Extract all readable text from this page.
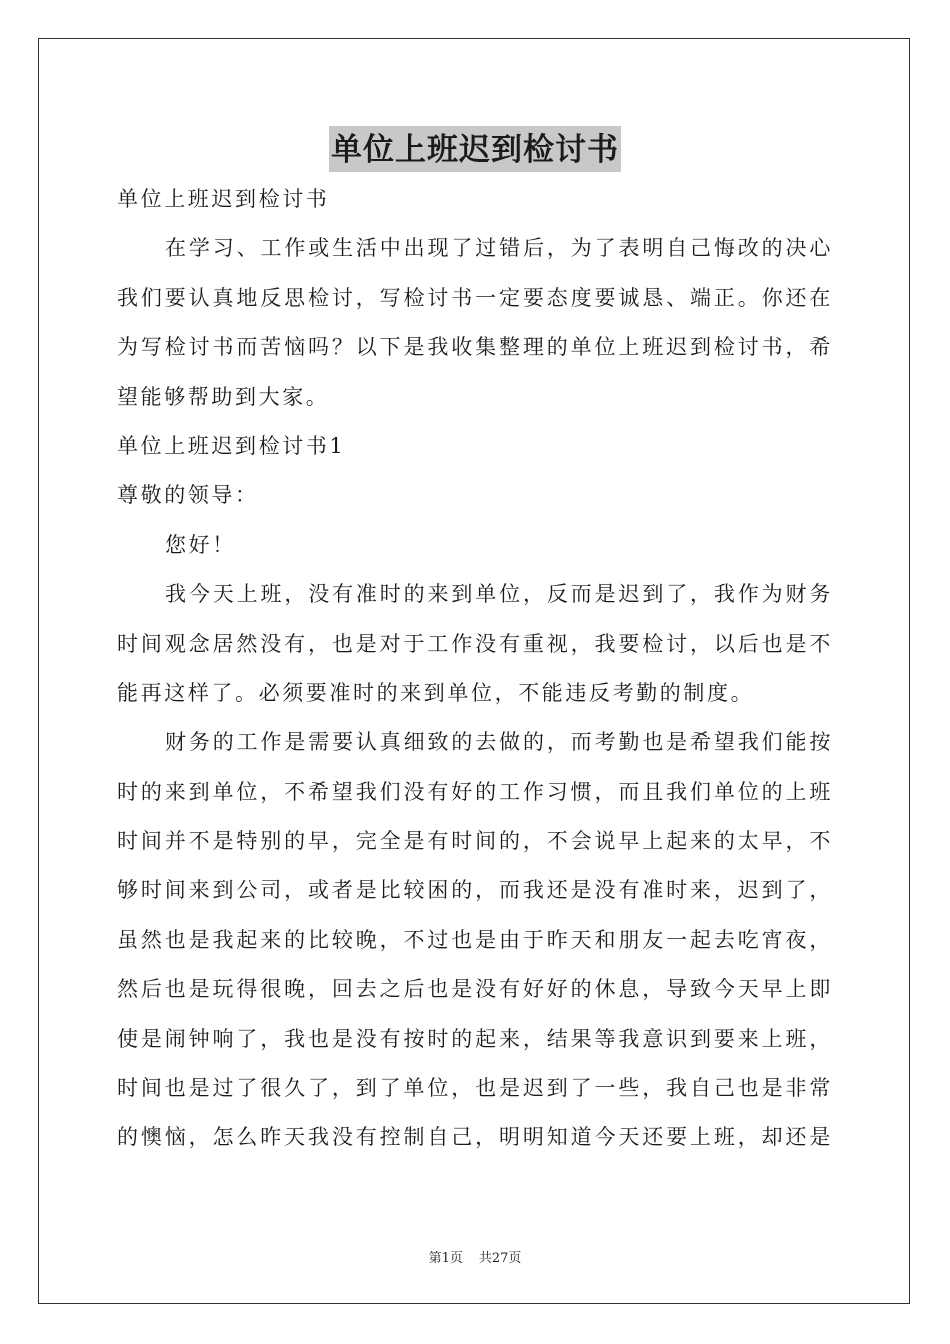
单位上班迟到检讨书
单位上班迟到检讨书
在学习、工作或生活中出现了过错后，为了表明自己悔改的决心
我们要认真地反思检讨，写检讨书一定要态度要诚恳、端正。你还在
为写检讨书而苦恼吗？以下是我收集整理的单位上班迟到检讨书，希
望能够帮助到大家。
单位上班迟到检讨书1
尊敬的领导：
您好！
我今天上班，没有准时的来到单位，反而是迟到了，我作为财务
时间观念居然没有，也是对于工作没有重视，我要检讨，以后也是不
能再这样了。必须要准时的来到单位，不能违反考勤的制度。
财务的工作是需要认真细致的去做的，而考勤也是希望我们能按
时的来到单位，不希望我们没有好的工作习惯，而且我们单位的上班
时间并不是特别的早，完全是有时间的，不会说早上起来的太早，不
够时间来到公司，或者是比较困的，而我还是没有准时来，迟到了，
虽然也是我起来的比较晚，不过也是由于昨天和朋友一起去吃宵夜，
然后也是玩得很晚，回去之后也是没有好好的休息，导致今天早上即
使是闹钟响了，我也是没有按时的起来，结果等我意识到要来上班，
时间也是过了很久了，到了单位，也是迟到了一些，我自己也是非常
的懊恼，怎么昨天我没有控制自己，明明知道今天还要上班，却还是
第1页 共27页
